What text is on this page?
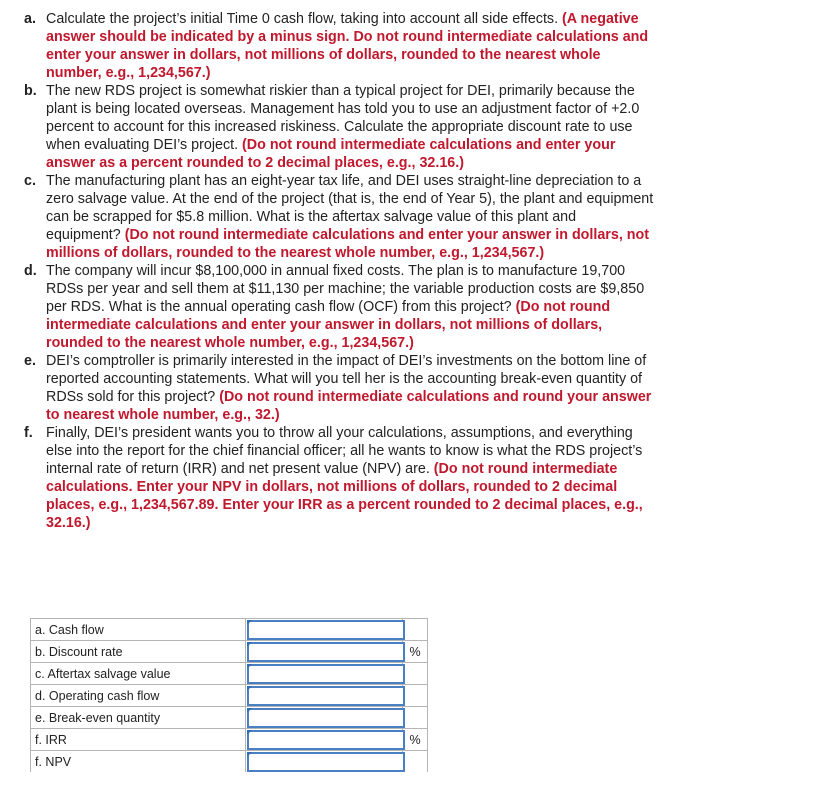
a. Calculate the project’s initial Time 0 cash flow, taking into account all side effects. (A negative answer should be indicated by a minus sign. Do not round intermediate calculations and enter your answer in dollars, not millions of dollars, rounded to the nearest whole number, e.g., 1,234,567.)
b. The new RDS project is somewhat riskier than a typical project for DEI, primarily because the plant is being located overseas. Management has told you to use an adjustment factor of +2.0 percent to account for this increased riskiness. Calculate the appropriate discount rate to use when evaluating DEI’s project. (Do not round intermediate calculations and enter your answer as a percent rounded to 2 decimal places, e.g., 32.16.)
c. The manufacturing plant has an eight-year tax life, and DEI uses straight-line depreciation to a zero salvage value. At the end of the project (that is, the end of Year 5), the plant and equipment can be scrapped for $5.8 million. What is the aftertax salvage value of this plant and equipment? (Do not round intermediate calculations and enter your answer in dollars, not millions of dollars, rounded to the nearest whole number, e.g., 1,234,567.)
d. The company will incur $8,100,000 in annual fixed costs. The plan is to manufacture 19,700 RDSs per year and sell them at $11,130 per machine; the variable production costs are $9,850 per RDS. What is the annual operating cash flow (OCF) from this project? (Do not round intermediate calculations and enter your answer in dollars, not millions of dollars, rounded to the nearest whole number, e.g., 1,234,567.)
e. DEI’s comptroller is primarily interested in the impact of DEI’s investments on the bottom line of reported accounting statements. What will you tell her is the accounting break-even quantity of RDSs sold for this project? (Do not round intermediate calculations and round your answer to nearest whole number, e.g., 32.)
f. Finally, DEI’s president wants you to throw all your calculations, assumptions, and everything else into the report for the chief financial officer; all he wants to know is what the RDS project’s internal rate of return (IRR) and net present value (NPV) are. (Do not round intermediate calculations. Enter your NPV in dollars, not millions of dollars, rounded to 2 decimal places, e.g., 1,234,567.89. Enter your IRR as a percent rounded to 2 decimal places, e.g., 32.16.)
a. Cash flow	

b. Discount rate		%
c. Aftertax salvage value	

d. Operating cash flow	

e. Break-even quantity	

f. IRR		%
f. NPV	
